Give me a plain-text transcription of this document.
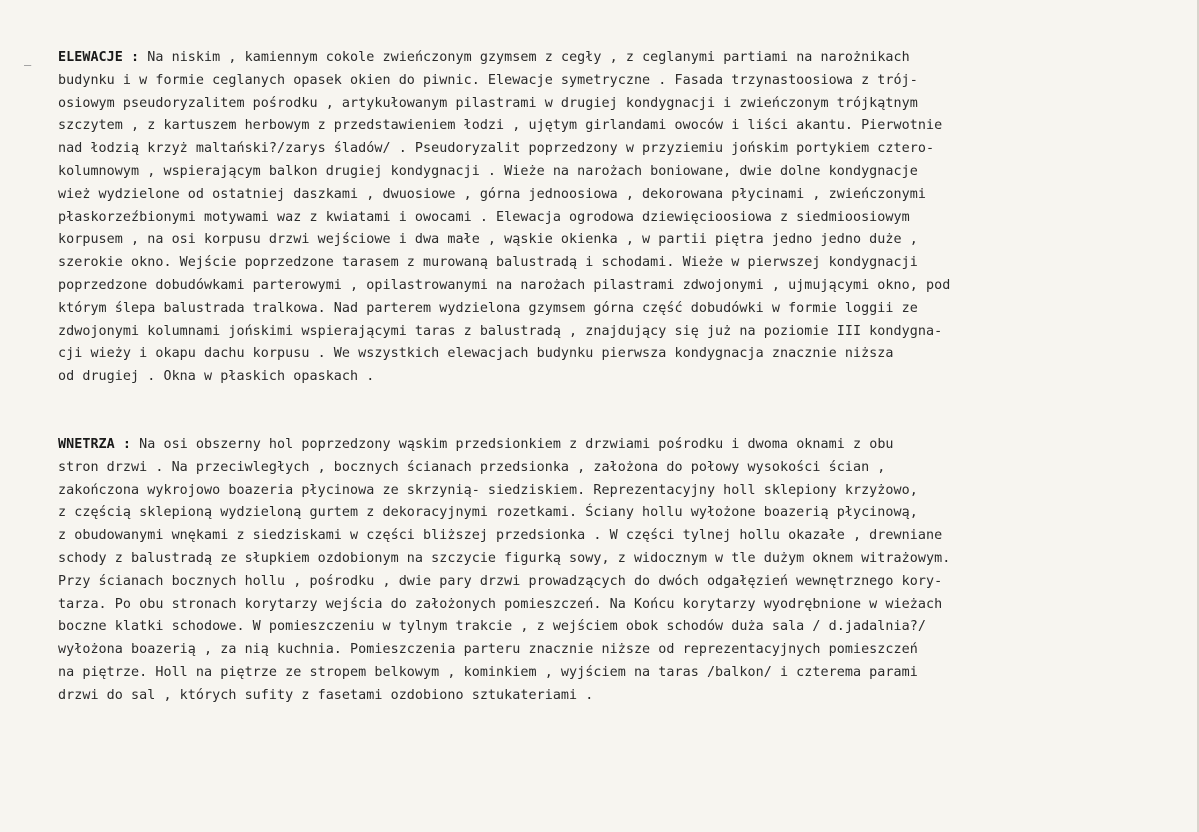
– ELEWACJE : Na niskim , kamiennym cokole zwieńczonym gzymsem z cegły , z ceglanymi partiami na narożnikach
budynku i w formie ceglanych opasek okien do piwnic. Elewacje symetryczne . Fasada trzynastoosiowa z trój-
osiowym pseudoryzalitem pośrodku , artykułowanym pilastrami w drugiej kondygnacji i zwieńczonym trójkątnym
szczytem , z kartuszem herbowym z przedstawieniem łodzi , ujętym girlandami owoców i liści akantu. Pierwotnie
nad łodzią krzyż maltański?/zarys śladów/ . Pseudoryzalit poprzedzony w przyziemiu jońskim portykiem cztero-
kolumnowym , wspierającym balkon drugiej kondygnacji . Wieże na narożach boniowane, dwie dolne kondygnacje
wież wydzielone od ostatniej daszkami , dwuosiowe , górna jednoosiowa , dekorowana płycinami , zwieńczonymi
płaskorzeźbionymi motywami waz z kwiatami i owocami . Elewacja ogrodowa dziewięcioosiowa z siedmioosiowym
korpusem , na osi korpusu drzwi wejściowe i dwa małe , wąskie okienka , w partii piętra jedno jedno duże ,
szerokie okno. Wejście poprzedzone tarasem z murowaną balustradą i schodami. Wieże w pierwszej kondygnacji
poprzedzone dobudówkami parterowymi , opilastrowanymi na narożach pilastrami zdwojonymi , ujmującymi okno, pod
którym ślepa balustrada tralkowa. Nad parterem wydzielona gzymsem górna część dobudówki w formie loggii ze
zdwojonymi kolumnami jońskimi wspierającymi taras z balustradą , znajdujący się już na poziomie III kondygna-
cji wieży i okapu dachu korpusu . We wszystkich elewacjach budynku pierwsza kondygnacja znacznie niższa
od drugiej . Okna w płaskich opaskach .
WNETRZA : Na osi obszerny hol poprzedzony wąskim przedsionkiem z drzwiami pośrodku i dwoma oknami z obu
stron drzwi . Na przeciwległych , bocznych ścianach przedsionka , założona do połowy wysokości ścian ,
zakończona wykrojowo boazeria płycinowa ze skrzynią- siedziskiem. Reprezentacyjny holl sklepiony krzyżowo,
z częścią sklepioną wydzieloną gurtem z dekoracyjnymi rozetkami. Ściany hollu wyłożone boazerią płycinową,
z obudowanymi wnękami z siedziskami w części bliższej przedsionka . W części tylnej hollu okazałe , drewniane
schody z balustradą ze słupkiem ozdobionym na szczycie figurką sowy, z widocznym w tle dużym oknem witrażowym.
Przy ścianach bocznych hollu , pośrodku , dwie pary drzwi prowadzących do dwóch odgałęzień wewnętrznego kory-
tarza. Po obu stronach korytarzy wejścia do założonych pomieszczeń. Na Końcu korytarzy wyodrębnione w wieżach
boczne klatki schodowe. W pomieszczeniu w tylnym trakcie , z wejściem obok schodów duża sala / d.jadalnia?/
wyłożona boazerią , za nią kuchnia. Pomieszczenia parteru znacznie niższe od reprezentacyjnych pomieszczeń
na piętrze. Holl na piętrze ze stropem belkowym , kominkiem , wyjściem na taras /balkon/ i czterema parami
drzwi do sal , których sufity z fasetami ozdobiono sztukateriami .
